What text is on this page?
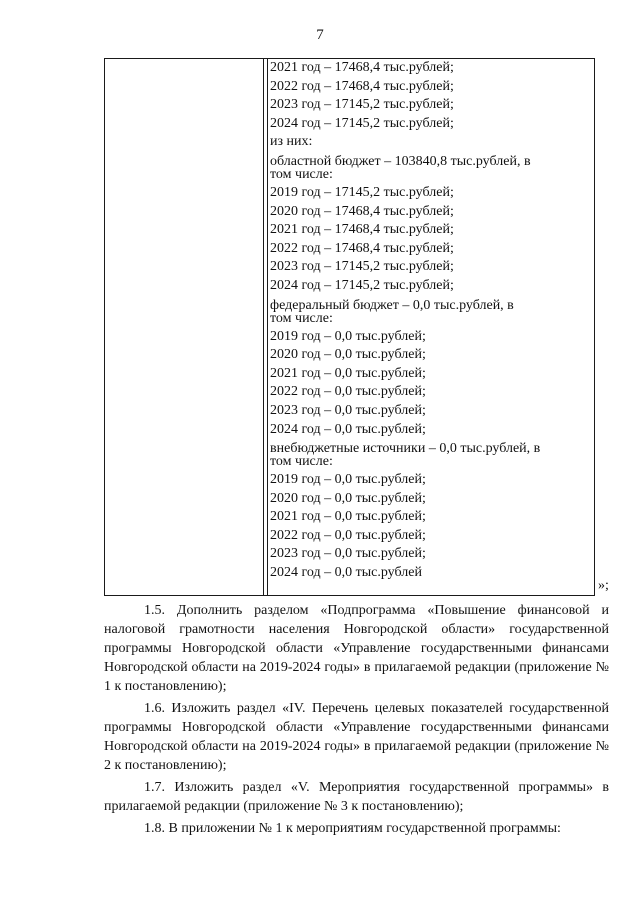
7
2021 год – 17468,4 тыс.рублей;
2022 год – 17468,4 тыс.рублей;
2023 год – 17145,2 тыс.рублей;
2024 год – 17145,2 тыс.рублей;
из них:
областной бюджет – 103840,8 тыс.рублей, в том числе:
2019 год – 17145,2 тыс.рублей;
2020 год – 17468,4 тыс.рублей;
2021 год – 17468,4 тыс.рублей;
2022 год – 17468,4 тыс.рублей;
2023 год – 17145,2 тыс.рублей;
2024 год – 17145,2 тыс.рублей;
федеральный бюджет – 0,0 тыс.рублей, в том числе:
2019 год – 0,0 тыс.рублей;
2020 год – 0,0 тыс.рублей;
2021 год – 0,0 тыс.рублей;
2022 год – 0,0 тыс.рублей;
2023 год – 0,0 тыс.рублей;
2024 год – 0,0 тыс.рублей;
внебюджетные источники – 0,0 тыс.рублей, в том числе:
2019 год – 0,0 тыс.рублей;
2020 год – 0,0 тыс.рублей;
2021 год – 0,0 тыс.рублей;
2022 год – 0,0 тыс.рублей;
2023 год – 0,0 тыс.рублей;
2024 год – 0,0 тыс.рублей
»;

1.5. Дополнить разделом «Подпрограмма «Повышение финансовой и налоговой грамотности населения Новгородской области» государственной программы Новгородской области «Управление государственными финансами Новгородской области на 2019-2024 годы» в прилагаемой редакции (приложение № 1 к постановлению);

1.6. Изложить раздел «IV. Перечень целевых показателей государственной программы Новгородской области «Управление государственными финансами Новгородской области на 2019-2024 годы» в прилагаемой редакции (приложение № 2 к постановлению);

1.7. Изложить раздел «V. Мероприятия государственной программы» в прилагаемой редакции (приложение № 3 к постановлению);

1.8. В приложении № 1 к мероприятиям государственной программы:
